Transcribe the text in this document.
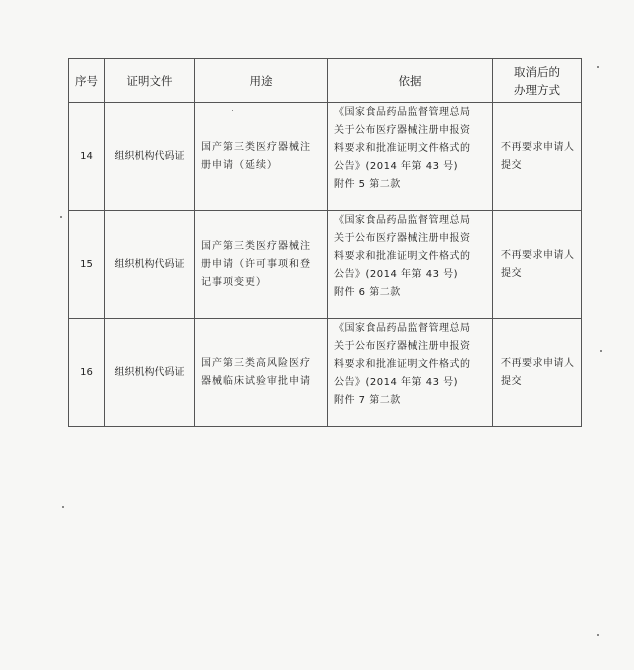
序号	证明文件	用途	依据	取消后的
办理方式

14	组织机构代码证	国产第三类医疗器械注
册申请（延续）	《国家食品药品监督管理总局
关于公布医疗器械注册申报资
料要求和批准证明文件格式的
公告》(2014 年第 43 号)
附件 5 第二款	不再要求申请人
提交

15	组织机构代码证	国产第三类医疗器械注
册申请（许可事项和登
记事项变更）	《国家食品药品监督管理总局
关于公布医疗器械注册申报资
料要求和批准证明文件格式的
公告》(2014 年第 43 号)
附件 6 第二款	不再要求申请人
提交

16	组织机构代码证	国产第三类高风险医疗
器械临床试验审批申请	《国家食品药品监督管理总局
关于公布医疗器械注册申报资
料要求和批准证明文件格式的
公告》(2014 年第 43 号)
附件 7 第二款	不再要求申请人
提交
